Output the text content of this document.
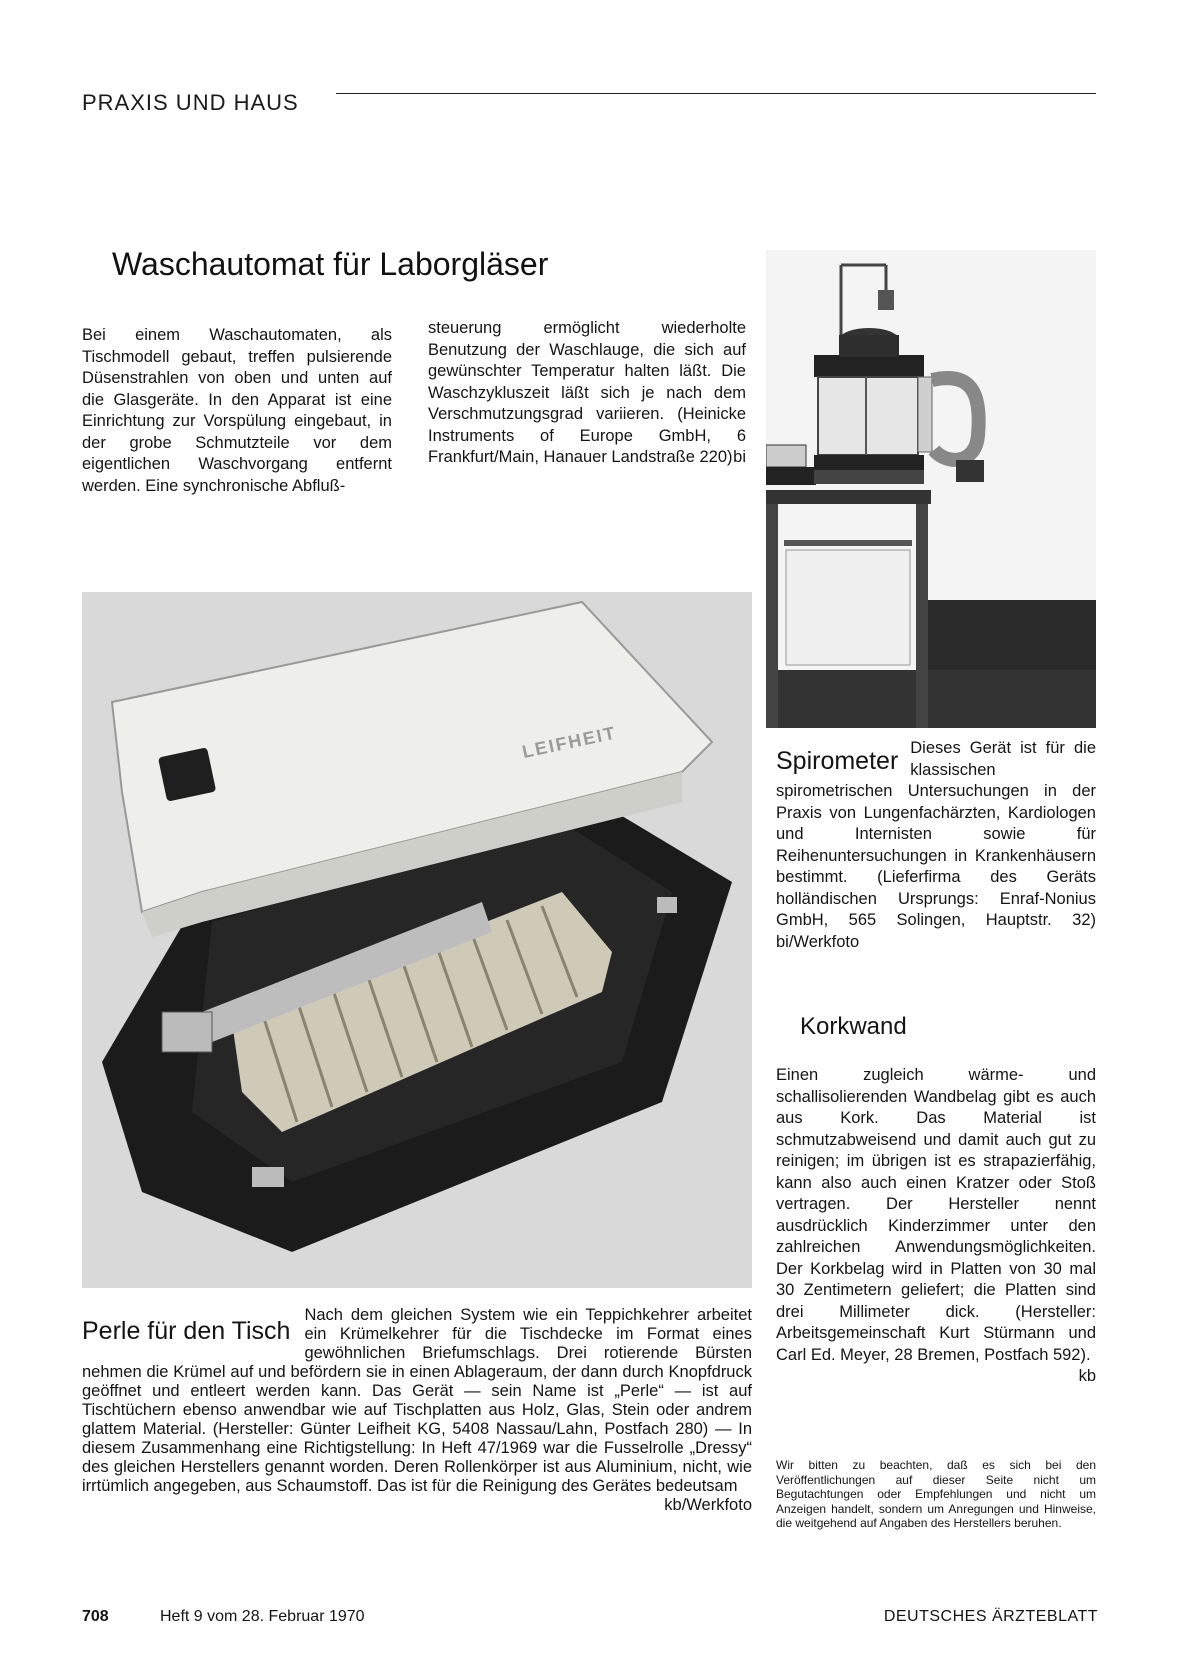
PRAXIS UND HAUS
Waschautomat für Laborgläser

Bei einem Waschautomaten, als Tischmodell gebaut, treffen pulsierende Düsenstrahlen von oben und unten auf die Glasgeräte. In den Apparat ist eine Einrichtung zur Vorspülung eingebaut, in der grobe Schmutzteile vor dem eigentlichen Waschvorgang entfernt werden. Eine synchronische Abfluß-

steuerung ermöglicht wiederholte Benutzung der Waschlauge, die sich auf gewünschter Temperatur halten läßt. Die Waschzykluszeit läßt sich je nach dem Verschmutzungsgrad variieren. (Heinicke Instruments of Europe GmbH, 6 Frankfurt/Main, Hanauer Landstraße 220) bi

Spirometer Dieses Gerät ist für die klassischen spirometrischen Untersuchungen in der Praxis von Lungenfachärzten, Kardiologen und Internisten sowie für Reihenuntersuchungen in Krankenhäusern bestimmt. (Lieferfirma des Geräts holländischen Ursprungs: Enraf-Nonius GmbH, 565 Solingen, Hauptstr. 32) bi/Werkfoto

Korkwand

Einen zugleich wärme- und schallisolierenden Wandbelag gibt es auch aus Kork. Das Material ist schmutzabweisend und damit auch gut zu reinigen; im übrigen ist es strapazierfähig, kann also auch einen Kratzer oder Stoß vertragen. Der Hersteller nennt ausdrücklich Kinderzimmer unter den zahlreichen Anwendungsmöglichkeiten. Der Korkbelag wird in Platten von 30 mal 30 Zentimetern geliefert; die Platten sind drei Millimeter dick. (Hersteller: Arbeitsgemeinschaft Kurt Stürmann und Carl Ed. Meyer, 28 Bremen, Postfach 592).
kb

LEIFHEIT
Perle für den Tisch

Nach dem gleichen System wie ein Teppichkehrer arbeitet ein Krümelkehrer für die Tischdecke im Format eines gewöhnlichen Briefumschlags. Drei rotierende Bürsten nehmen die Krümel auf und befördern sie in einen Ablageraum, der dann durch Knopfdruck geöffnet und entleert werden kann. Das Gerät — sein Name ist „Perle“ — ist auf Tischtüchern ebenso anwendbar wie auf Tischplatten aus Holz, Glas, Stein oder andrem glattem Material. (Hersteller: Günter Leifheit KG, 5408 Nassau/Lahn, Postfach 280) — In diesem Zusammenhang eine Richtigstellung: In Heft 47/1969 war die Fusselrolle „Dressy“ des gleichen Herstellers genannt worden. Deren Rollenkörper ist aus Aluminium, nicht, wie irrtümlich angegeben, aus Schaumstoff. Das ist für die Reinigung des Gerätes bedeutsam
kb/Werkfoto

Wir bitten zu beachten, daß es sich bei den Veröffentlichungen auf dieser Seite nicht um Begutachtungen oder Empfehlungen und nicht um Anzeigen handelt, sondern um Anregungen und Hinweise, die weitgehend auf Angaben des Herstellers beruhen.

708	Heft 9 vom 28. Februar 1970	DEUTSCHES ÄRZTEBLATT
